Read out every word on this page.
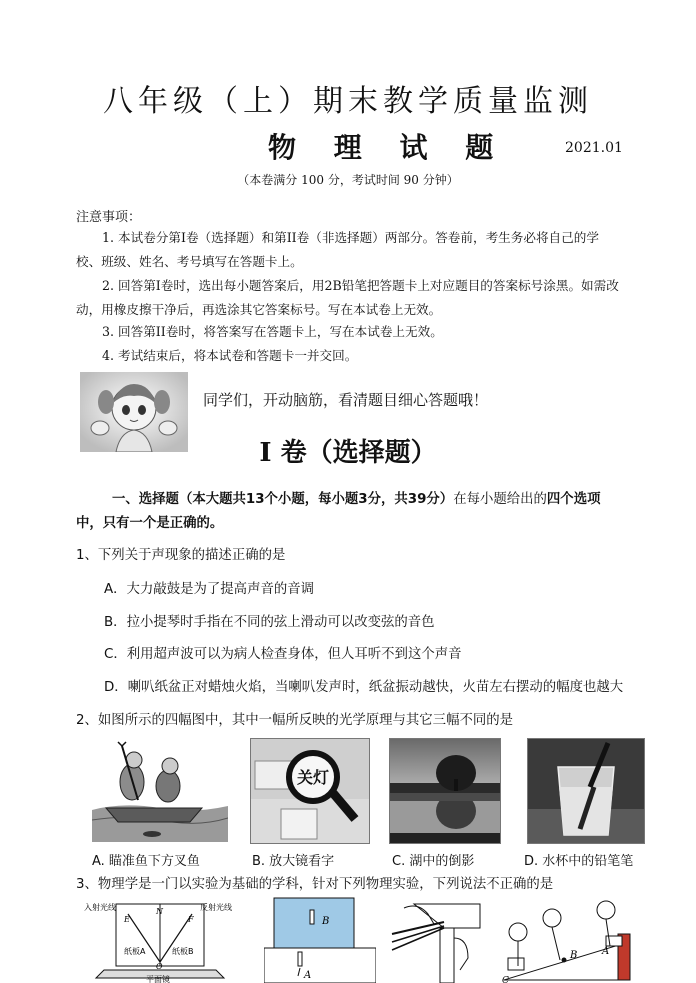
八年级（上）期末教学质量监测
物 理 试 题	2021.01
（本卷满分 100 分，考试时间 90 分钟）
注意事项：
1. 本试卷分第I卷（选择题）和第II卷（非选择题）两部分。答卷前，考生务必将自己的学校、班级、姓名、考号填写在答题卡上。
2. 回答第I卷时，选出每小题答案后，用2B铅笔把答题卡上对应题目的答案标号涂黑。如需改动，用橡皮擦干净后，再选涂其它答案标号。写在本试卷上无效。
3. 回答第II卷时，将答案写在答题卡上，写在本试卷上无效。
4. 考试结束后，将本试卷和答题卡一并交回。
同学们，开动脑筋，看清题目细心答题哦！
I 卷（选择题）
一、选择题（本大题共13个小题，每小题3分，共39分）在每小题给出的四个选项中，只有一个是正确的。
1、下列关于声现象的描述正确的是
A．大力敲鼓是为了提高声音的音调
B．拉小提琴时手指在不同的弦上滑动可以改变弦的音色
C．利用超声波可以为病人检查身体，但人耳听不到这个声音
D．喇叭纸盆正对蜡烛火焰，当喇叭发声时，纸盆振动越快，火苗左右摆动的幅度也越大
2、如图所示的四幅图中，其中一幅所反映的光学原理与其它三幅不同的是
关灯
A. 瞄准鱼下方叉鱼	B. 放大镜看字	C. 湖中的倒影	D. 水杯中的铅笔笔
3、物理学是一门以实验为基础的学科，针对下列物理实验，下列说法不正确的是
入射光线	反射光线
E
N
F
纸板A	纸板B
O
平面镜
B
A
B A
C
